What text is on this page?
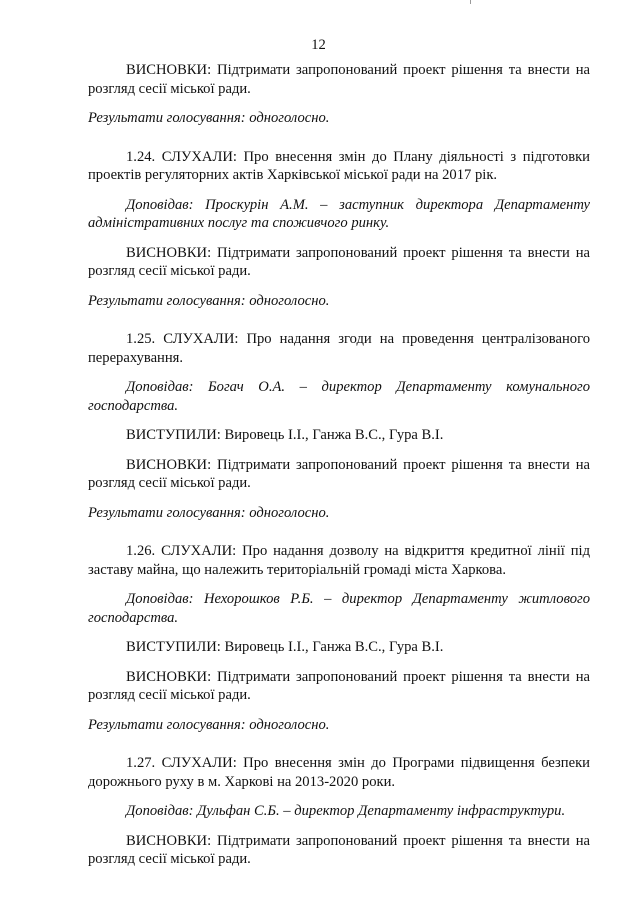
12

ВИСНОВКИ: Підтримати запропонований проект рішення та внести на розгляд сесії міської ради.

Результати голосування: одноголосно.

1.24. СЛУХАЛИ: Про внесення змін до Плану діяльності з підготовки проектів регуляторних актів Харківської міської ради на 2017 рік.

Доповідав: Проскурін А.М. – заступник директора Департаменту адміністративних послуг та споживчого ринку.

ВИСНОВКИ: Підтримати запропонований проект рішення та внести на розгляд сесії міської ради.

Результати голосування: одноголосно.

1.25. СЛУХАЛИ: Про надання згоди на проведення централізованого перерахування.

Доповідав: Богач О.А. – директор Департаменту комунального господарства.

ВИСТУПИЛИ: Вировець І.І., Ганжа В.С., Гура В.І.

ВИСНОВКИ: Підтримати запропонований проект рішення та внести на розгляд сесії міської ради.

Результати голосування: одноголосно.

1.26. СЛУХАЛИ: Про надання дозволу на відкриття кредитної лінії під заставу майна, що належить територіальній громаді міста Харкова.

Доповідав: Нехорошков Р.Б. – директор Департаменту житлового господарства.

ВИСТУПИЛИ: Вировець І.І., Ганжа В.С., Гура В.І.

ВИСНОВКИ: Підтримати запропонований проект рішення та внести на розгляд сесії міської ради.

Результати голосування: одноголосно.

1.27. СЛУХАЛИ: Про внесення змін до Програми підвищення безпеки дорожнього руху в м. Харкові на 2013-2020 роки.

Доповідав: Дульфан С.Б. – директор Департаменту інфраструктури.

ВИСНОВКИ: Підтримати запропонований проект рішення та внести на розгляд сесії міської ради.
